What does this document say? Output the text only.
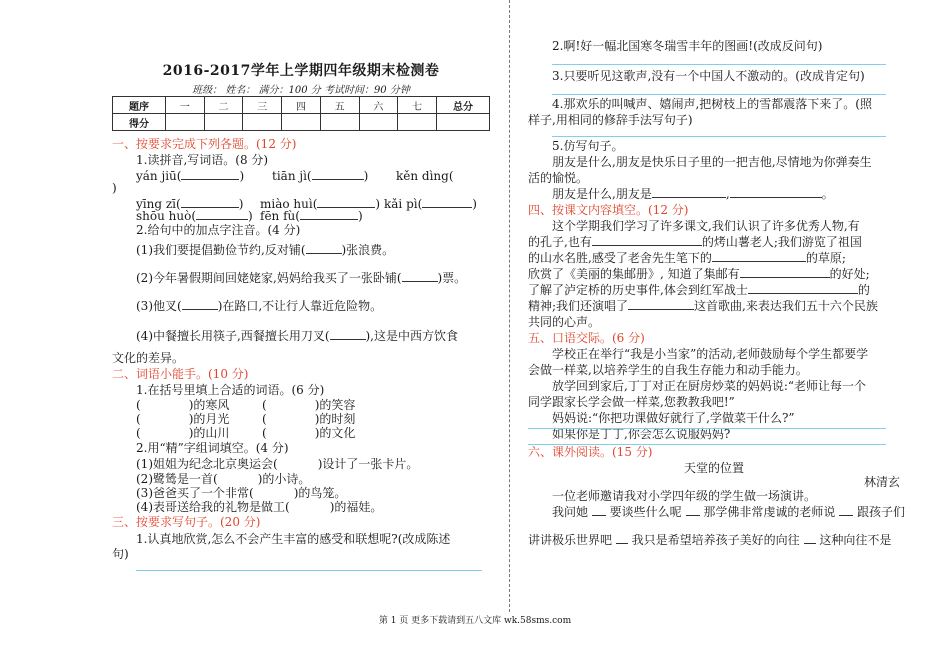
2016-2017学年上学期四年级期末检测卷
班级： 姓名： 满分：100 分 考试时间：90 分钟
题序	一	二	三	四	五	六	七	总分
得分								
一、按要求完成下列各题。(12 分)
1.读拼音,写词语。(8 分)
yán jiū(	) tiān jì(	) kěn dìng(
)
yīng zī(	) miào huì(	) kǎi pì(	)
shōu huò(	) fēn fù(	)
2.给句中的加点字注音。(4 分)
(1)我们要提倡勤俭节约,反对铺(	)张浪费。
(2)今年暑假期间回姥姥家,妈妈给我买了一张卧铺(	)票。
(3)他叉(	)在路口,不让行人靠近危险物。
(4)中餐擅长用筷子,西餐擅长用刀叉(	),这是中西方饮食
文化的差异。
二、词语小能手。(10 分)
1.在括号里填上合适的词语。(6 分)
(	)的寒风	(	)的笑容
(	)的月光	(	)的时刻
(	)的山川	(	)的文化
2.用“精”字组词填空。(4 分)
(1)姐姐为纪念北京奥运会(	)设计了一张卡片。
(2)鹭鸶是一首(	)的小诗。
(3)爸爸买了一个非常(	)的鸟笼。
(4)表哥送给我的礼物是做工(	)的福娃。
三、按要求写句子。(20 分)
1.认真地欣赏,怎么不会产生丰富的感受和联想呢?(改成陈述
句)
2.啊!好一幅北国寒冬瑞雪丰年的图画!(改成反问句)
3.只要听见这歌声,没有一个中国人不激动的。(改成肯定句)
4.那欢乐的叫喊声、嬉闹声,把树枝上的雪都震落下来了。(照
样子,用相同的修辞手法写句子)
5.仿写句子。
朋友是什么,朋友是快乐日子里的一把吉他,尽情地为你弹奏生
活的愉悦。
朋友是什么,朋友是	,	。
四、按课文内容填空。(12 分)
这个学期我们学习了许多课文,我们认识了许多优秀人物,有
的孔子,也有	的烤山薯老人;我们游览了祖国
的山水名胜,感受了老舍先生笔下的	的草原;
欣赏了《美丽的集邮册》, 知道了集邮有	的好处;
了解了泸定桥的历史事件,体会到红军战士	的
精神;我们还演唱了	这首歌曲,来表达我们五十六个民族
共同的心声。
五、口语交际。(6 分)
学校正在举行“我是小当家”的活动,老师鼓励每个学生都要学
会做一样菜,以培养学生的自我生存能力和动手能力。
放学回到家后,丁丁对正在厨房炒菜的妈妈说:“老师让每一个
同学跟家长学会做一样菜,您教教我吧!”
妈妈说:“你把功课做好就行了,学做菜干什么?”
如果你是丁丁,你会怎么说服妈妈?
六、课外阅读。(15 分)
天堂的位置
林清玄
一位老师邀请我对小学四年级的学生做一场演讲。
我问她 要谈些什么呢 那学佛非常虔诚的老师说 跟孩子们
讲讲极乐世界吧 我只是希望培养孩子美好的向往 这种向往不是
第 1 页 更多下载请到五八文库 wk.58sms.com
